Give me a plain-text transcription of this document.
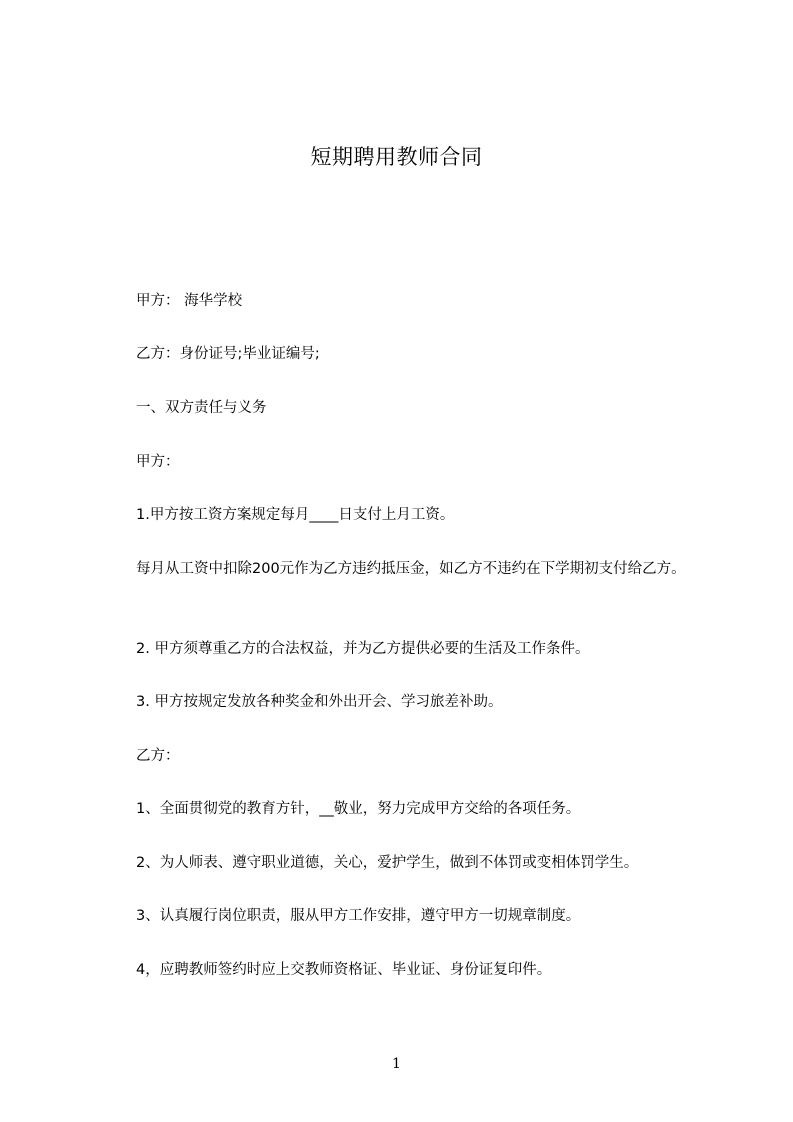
短期聘用教师合同
甲方： 海华学校
乙方：身份证号;毕业证编号;
一、双方责任与义务
甲方：
1.甲方按工资方案规定每月____日支付上月工资。
每月从工资中扣除200元作为乙方违约抵压金，如乙方不违约在下学期初支付给乙方。
2. 甲方须尊重乙方的合法权益，并为乙方提供必要的生活及工作条件。
3. 甲方按规定发放各种奖金和外出开会、学习旅差补助。
乙方：
1、全面贯彻党的教育方针，__敬业，努力完成甲方交给的各项任务。
2、为人师表、遵守职业道德，关心，爱护学生，做到不体罚或变相体罚学生。
3、认真履行岗位职责，服从甲方工作安排，遵守甲方一切规章制度。
4，应聘教师签约时应上交教师资格证、毕业证、身份证复印件。
1
